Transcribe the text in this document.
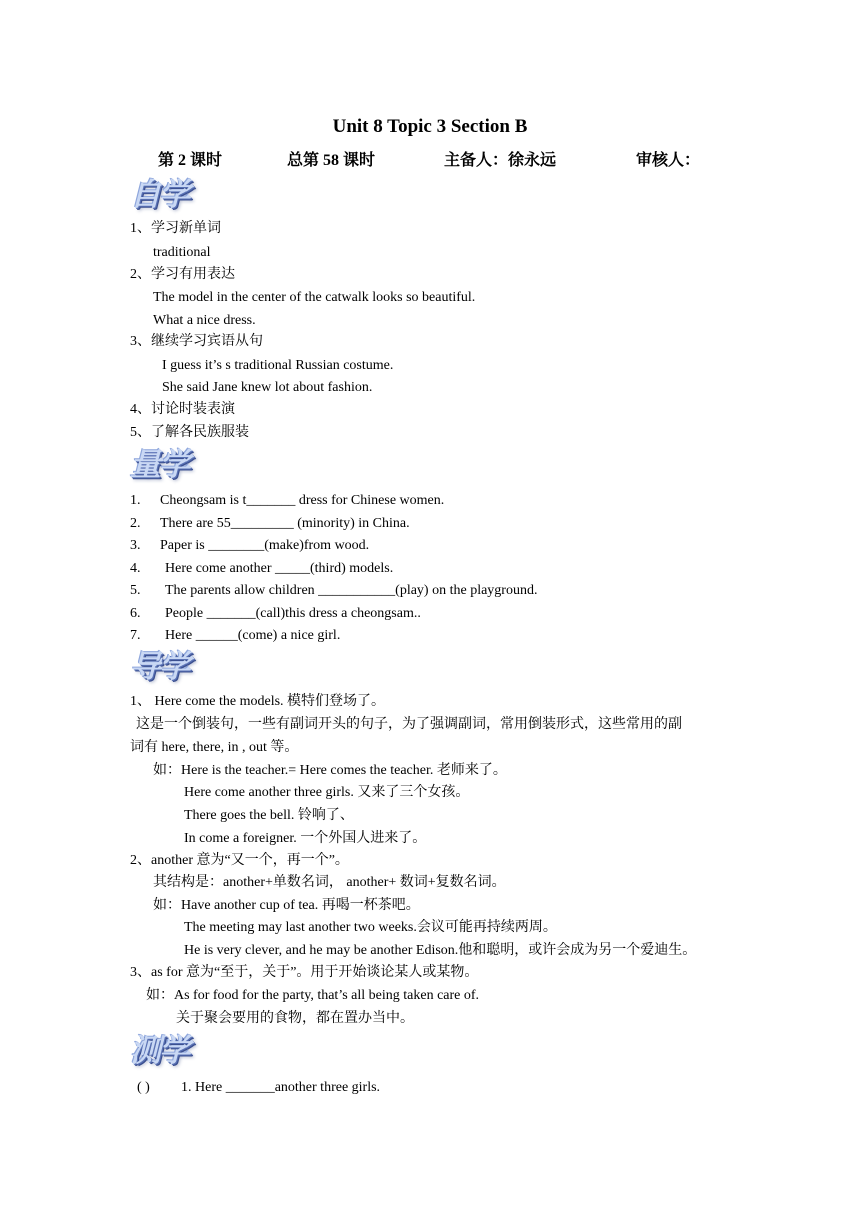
Unit 8 Topic 3 Section B
第 2 课时	总第 58 课时	主备人：徐永远	审核人：
自学
1、学习新单词
traditional
2、学习有用表达
The model in the center of the catwalk looks so beautiful.
What a nice dress.
3、继续学习宾语从句
I guess it’s s traditional Russian costume.
She said Jane knew lot about fashion.
4、讨论时装表演
5、了解各民族服装
量学
1. Cheongsam is t_______ dress for Chinese women.
2. There are 55_________ (minority) in China.
3. Paper is ________(make)from wood.
4. Here come another _____(third) models.
5. The parents allow children ___________(play) on the playground.
6. People _______(call)this dress a cheongsam..
7. Here ______(come) a nice girl.
导学
1、 Here come the models. 模特们登场了。
这是一个倒装句，一些有副词开头的句子，为了强调副词，常用倒装形式，这些常用的副
词有 here, there, in , out 等。
如：Here is the teacher.= Here comes the teacher. 老师来了。
Here come another three girls. 又来了三个女孩。
There goes the bell. 铃响了、
In come a foreigner. 一个外国人进来了。
2、another 意为“又一个，再一个”。
其结构是：another+单数名词， another+ 数词+复数名词。
如：Have another cup of tea. 再喝一杯茶吧。
The meeting may last another two weeks.会议可能再持续两周。
He is very clever, and he may be another Edison.他和聪明，或许会成为另一个爱迪生。
3、as for 意为“至于，关于”。用于开始谈论某人或某物。
如：As for food for the party, that’s all being taken care of.
关于聚会要用的食物，都在置办当中。
测学
( ) 1. Here _______another three girls.
